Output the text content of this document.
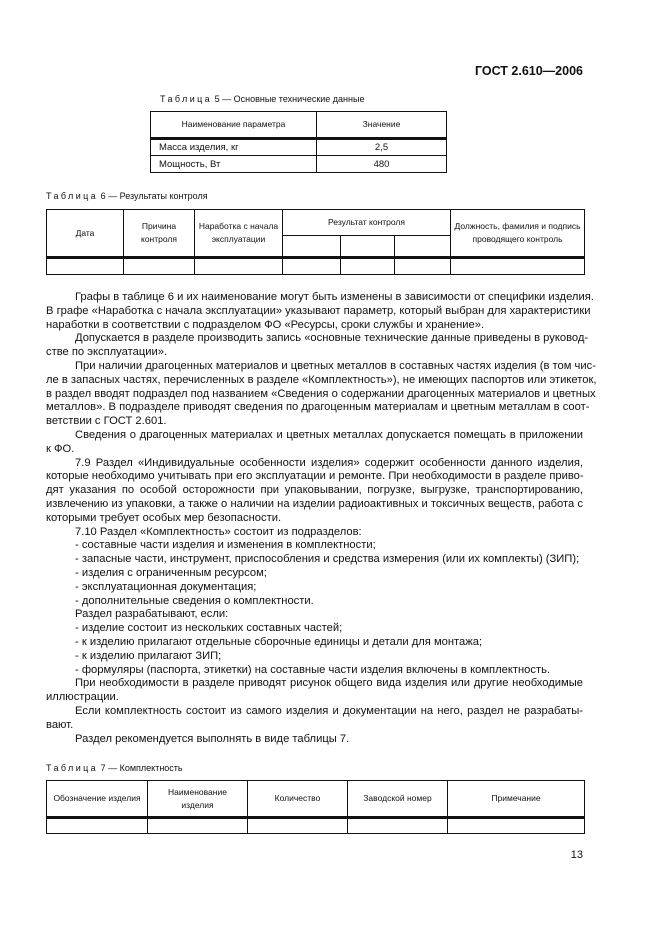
ГОСТ 2.610—2006
Таблица 5 — Основные технические данные
Наименование параметра	Значение
Масса изделия, кг	2,5
Мощность, Вт	480
Таблица 6 — Результаты контроля
Дата	Причина контроля	Наработка с начала эксплуатации	Результат контроля			Должность, фамилия и подпись проводящего контроль

Графы в таблице 6 и их наименование могут быть изменены в зависимости от специфики изделия.
В графе «Наработка с начала эксплуатации» указывают параметр, который выбран для характеристики
наработки в соответствии с подразделом ФО «Ресурсы, сроки службы и хранение».
Допускается в разделе производить запись «основные технические данные приведены в руковод-
стве по эксплуатации».
При наличии драгоценных материалов и цветных металлов в составных частях изделия (в том чис-
ле в запасных частях, перечисленных в разделе «Комплектность»), не имеющих паспортов или этикеток,
в раздел вводят подраздел под названием «Сведения о содержании драгоценных материалов и цветных
металлов». В подразделе приводят сведения по драгоценным материалам и цветным металлам в соот-
ветствии с ГОСТ 2.601.
Сведения о драгоценных материалах и цветных металлах допускается помещать в приложении
к ФО.
7.9 Раздел «Индивидуальные особенности изделия» содержит особенности данного изделия,
которые необходимо учитывать при его эксплуатации и ремонте. При необходимости в разделе приво-
дят указания по особой осторожности при упаковывании, погрузке, выгрузке, транспортированию,
извлечению из упаковки, а также о наличии на изделии радиоактивных и токсичных веществ, работа с
которыми требует особых мер безопасности.
7.10 Раздел «Комплектность» состоит из подразделов:
- составные части изделия и изменения в комплектности;
- запасные части, инструмент, приспособления и средства измерения (или их комплекты) (ЗИП);
- изделия с ограниченным ресурсом;
- эксплуатационная документация;
- дополнительные сведения о комплектности.
Раздел разрабатывают, если:
- изделие состоит из нескольких составных частей;
- к изделию прилагают отдельные сборочные единицы и детали для монтажа;
- к изделию прилагают ЗИП;
- формуляры (паспорта, этикетки) на составные части изделия включены в комплектность.
При необходимости в разделе приводят рисунок общего вида изделия или другие необходимые
иллюстрации.
Если комплектность состоит из самого изделия и документации на него, раздел не разрабаты-
вают.
Раздел рекомендуется выполнять в виде таблицы 7.
Таблица 7 — Комплектность
Обозначение изделия	Наименование изделия	Количество	Заводской номер	Примечание

13
